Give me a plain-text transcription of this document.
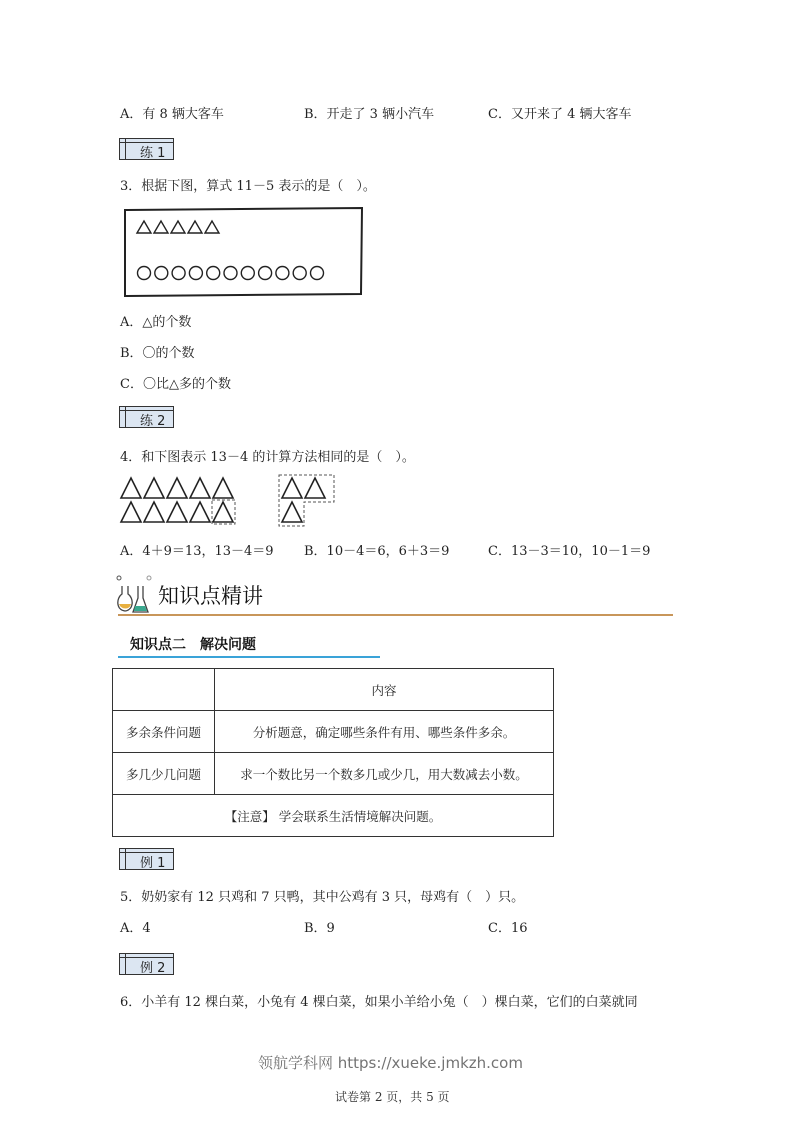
A．有 8 辆大客车	B．开走了 3 辆小汽车	C．又开来了 4 辆大客车
练 1
3．根据下图，算式 11－5 表示的是（　）。
A．△的个数
B．〇的个数
C．〇比△多的个数
练 2
4．和下图表示 13－4 的计算方法相同的是（　）。
A．4＋9＝13，13－4＝9 B．10－4＝6，6＋3＝9	C．13－3＝10，10－1＝9
知识点精讲
知识点二　解决问题
	内容
多余条件问题	分析题意，确定哪些条件有用、哪些条件多余。
多几少几问题	求一个数比另一个数多几或少几，用大数减去小数。
【注意】 学会联系生活情境解决问题。	
例 1
5．奶奶家有 12 只鸡和 7 只鸭，其中公鸡有 3 只，母鸡有（　）只。
A．4	B．9	C．16
例 2
6．小羊有 12 棵白菜，小兔有 4 棵白菜，如果小羊给小兔（　）棵白菜，它们的白菜就同
领航学科网 https://xueke.jmkzh.com
试卷第 2 页，共 5 页
